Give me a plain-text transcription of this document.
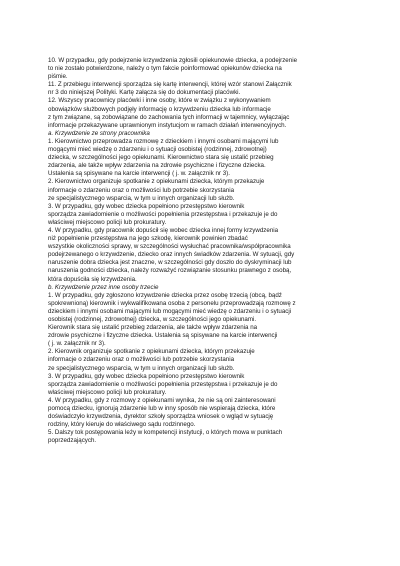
10. W przypadku, gdy podejrzenie krzywdzenia zgłosili opiekunowie dziecka, a podejrzenie
to nie zostało potwierdzone, należy o tym fakcie poinformować opiekunów dziecka na
piśmie.
11. Z przebiegu interwencji sporządza się kartę interwencji, której wzór stanowi Załącznik
nr 3 do niniejszej Polityki. Kartę załącza się do dokumentacji placówki.
12. Wszyscy pracownicy placówki i inne osoby, które w związku z wykonywaniem
obowiązków służbowych podjęły informację o krzywdzeniu dziecka lub informacje
z tym związane, są zobowiązane do zachowania tych informacji w tajemnicy, wyłączając
informacje przekazywane uprawnionym instytucjom w ramach działań interwencyjnych.
a. Krzywdzenie ze strony pracownika
1. Kierownictwo przeprowadza rozmowę z dzieckiem i innymi osobami mającymi lub
mogącymi mieć wiedzę o zdarzeniu i o sytuacji osobistej (rodzinnej, zdrowotnej)
dziecka, w szczególności jego opiekunami. Kierownictwo stara się ustalić przebieg
zdarzenia, ale także wpływ zdarzenia na zdrowie psychiczne i fizyczne dziecka.
Ustalenia są spisywane na karcie interwencji ( j. w. załącznik nr 3).
2. Kierownictwo organizuje spotkanie z opiekunami dziecka, którym przekazuje
informacje o zdarzeniu oraz o możliwości lub potrzebie skorzystania
ze specjalistycznego wsparcia, w tym u innych organizacji lub służb.
3. W przypadku, gdy wobec dziecka popełniono przestępstwo kierownik
sporządza zawiadomienie o możliwości popełnienia przestępstwa i przekazuje je do
właściwej miejscowo policji lub prokuratury.
4. W przypadku, gdy pracownik dopuścił się wobec dziecka innej formy krzywdzenia
niż popełnienie przestępstwa na jego szkodę, kierownik powinien zbadać
wszystkie okoliczności sprawy, w szczególności wysłuchać pracownika/współpracownika
podejrzewanego o krzywdzenie, dziecko oraz innych świadków zdarzenia. W sytuacji, gdy
naruszenie dobra dziecka jest znaczne, w szczególności gdy doszło do dyskryminacji lub
naruszenia godności dziecka, należy rozważyć rozwiązanie stosunku prawnego z osobą,
która dopuściła się krzywdzenia.
b. Krzywdzenie przez inne osoby trzecie
1. W przypadku, gdy zgłoszono krzywdzenie dziecka przez osobę trzecią (obcą, bądź
spokrewnioną) kierownik i wykwalifikowana osoba z personelu przeprowadzają rozmowę z
dzieckiem i innymi osobami mającymi lub mogącymi mieć wiedzę o zdarzeniu i o sytuacji
osobistej (rodzinnej, zdrowotnej) dziecka, w szczególności jego opiekunami.
Kierownik stara się ustalić przebieg zdarzenia, ale także wpływ zdarzenia na
zdrowie psychiczne i fizyczne dziecka. Ustalenia są spisywane na karcie interwencji
( j. w. załącznik nr 3).
2. Kierownik organizuje spotkanie z opiekunami dziecka, którym przekazuje
informacje o zdarzeniu oraz o możliwości lub potrzebie skorzystania
ze specjalistycznego wsparcia, w tym u innych organizacji lub służb.
3. W przypadku, gdy wobec dziecka popełniono przestępstwo kierownik
sporządza zawiadomienie o możliwości popełnienia przestępstwa i przekazuje je do
właściwej miejscowo policji lub prokuratury.
4. W przypadku, gdy z rozmowy z opiekunami wynika, że nie są oni zainteresowani
pomocą dziecku, ignorują zdarzenie lub w inny sposób nie wspierają dziecka, które
doświadczyło krzywdzenia, dyrektor szkoły sporządza wniosek o wgląd w sytuację
rodziny, który kieruje do właściwego sądu rodzinnego.
5. Dalszy tok postępowania leży w kompetencji instytucji, o których mowa w punktach
poprzedzających.
